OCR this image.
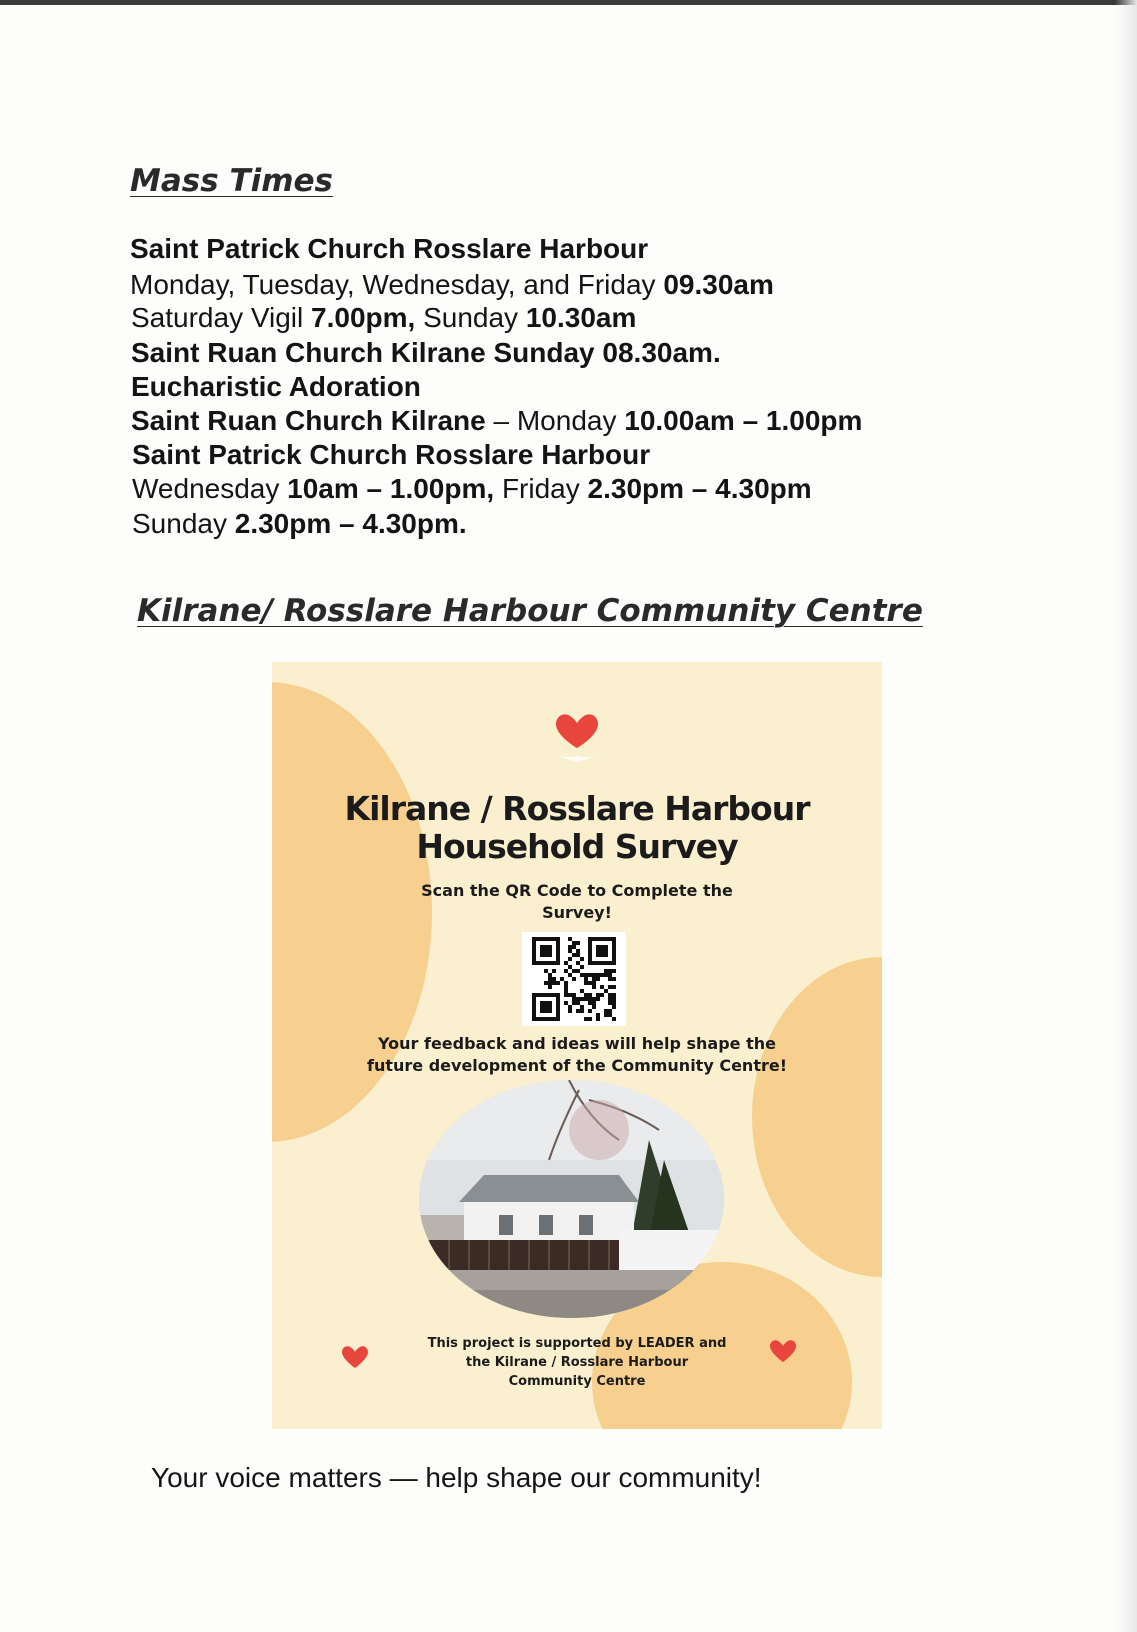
Mass Times
Saint Patrick Church Rosslare Harbour
Monday, Tuesday, Wednesday, and Friday 09.30am
Saturday Vigil 7.00pm, Sunday 10.30am
Saint Ruan Church Kilrane Sunday 08.30am.
Eucharistic Adoration
Saint Ruan Church Kilrane – Monday 10.00am – 1.00pm
Saint Patrick Church Rosslare Harbour
Wednesday 10am – 1.00pm, Friday 2.30pm – 4.30pm
Sunday 2.30pm – 4.30pm.
Kilrane/ Rosslare Harbour Community Centre
Kilrane / Rosslare Harbour
Household Survey
Scan the QR Code to Complete the
Survey!
Your feedback and ideas will help shape the
future development of the Community Centre!
This project is supported by LEADER and
the Kilrane / Rosslare Harbour
Community Centre
Your voice matters — help shape our community!
